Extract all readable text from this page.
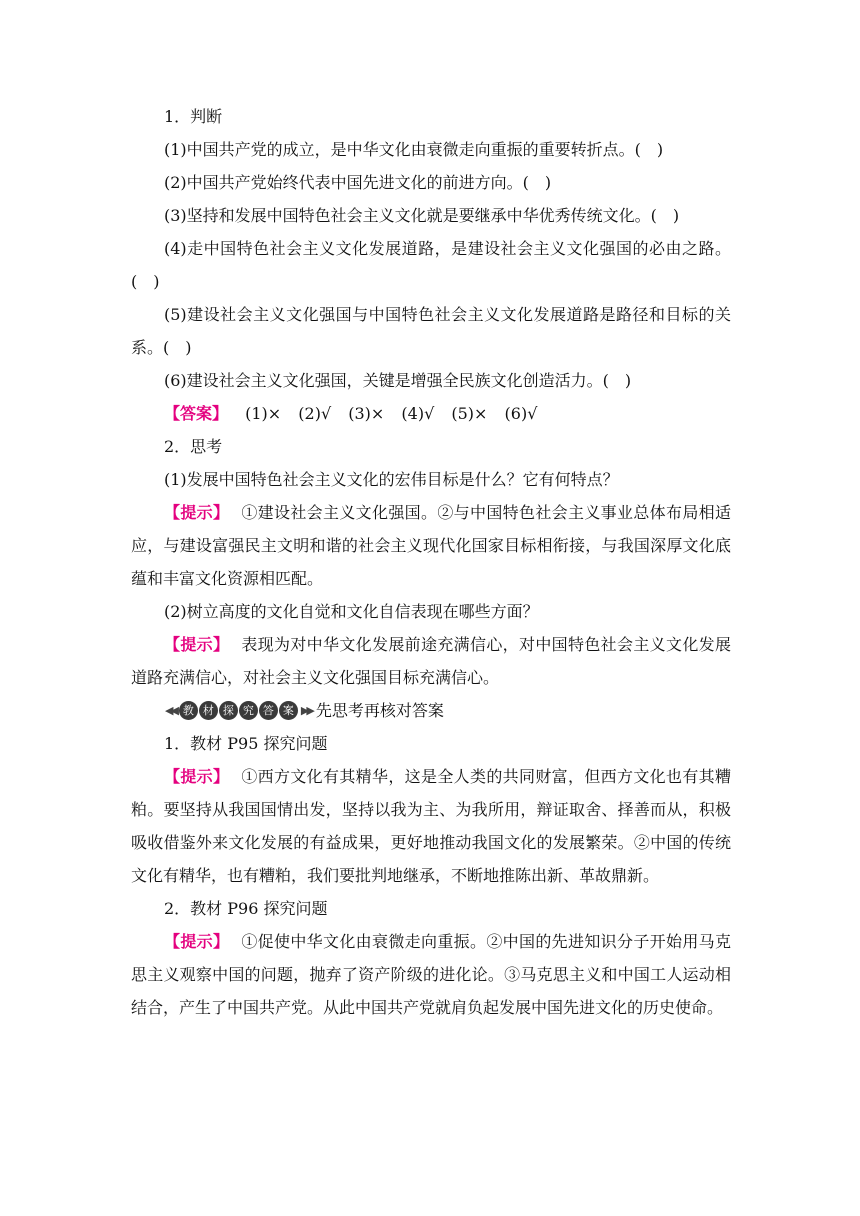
1．判断

(1)中国共产党的成立，是中华文化由衰微走向重振的重要转折点。(　)

(2)中国共产党始终代表中国先进文化的前进方向。(　)

(3)坚持和发展中国特色社会主义文化就是要继承中华优秀传统文化。(　)

(4)走中国特色社会主义文化发展道路，是建设社会主义文化强国的必由之路。(　)

(5)建设社会主义文化强国与中国特色社会主义文化发展道路是路径和目标的关系。(　)

(6)建设社会主义文化强国，关键是增强全民族文化创造活力。(　)

【答案】 (1)× (2)√ (3)× (4)√ (5)× (6)√

2．思考

(1)发展中国特色社会主义文化的宏伟目标是什么？它有何特点？

【提示】 ①建设社会主义文化强国。②与中国特色社会主义事业总体布局相适应，与建设富强民主文明和谐的社会主义现代化国家目标相衔接，与我国深厚文化底蕴和丰富文化资源相匹配。

(2)树立高度的文化自觉和文化自信表现在哪些方面？

【提示】 表现为对中华文化发展前途充满信心，对中国特色社会主义文化发展道路充满信心，对社会主义文化强国目标充满信心。

◀◀ 教 材 探 究 答 案 ▶▶ 先思考再核对答案

1．教材 P95 探究问题

【提示】 ①西方文化有其精华，这是全人类的共同财富，但西方文化也有其糟粕。要坚持从我国国情出发，坚持以我为主、为我所用，辩证取舍、择善而从，积极吸收借鉴外来文化发展的有益成果，更好地推动我国文化的发展繁荣。②中国的传统文化有精华，也有糟粕，我们要批判地继承，不断地推陈出新、革故鼎新。

2．教材 P96 探究问题

【提示】 ①促使中华文化由衰微走向重振。②中国的先进知识分子开始用马克思主义观察中国的问题，抛弃了资产阶级的进化论。③马克思主义和中国工人运动相结合，产生了中国共产党。从此中国共产党就肩负起发展中国先进文化的历史使命。
